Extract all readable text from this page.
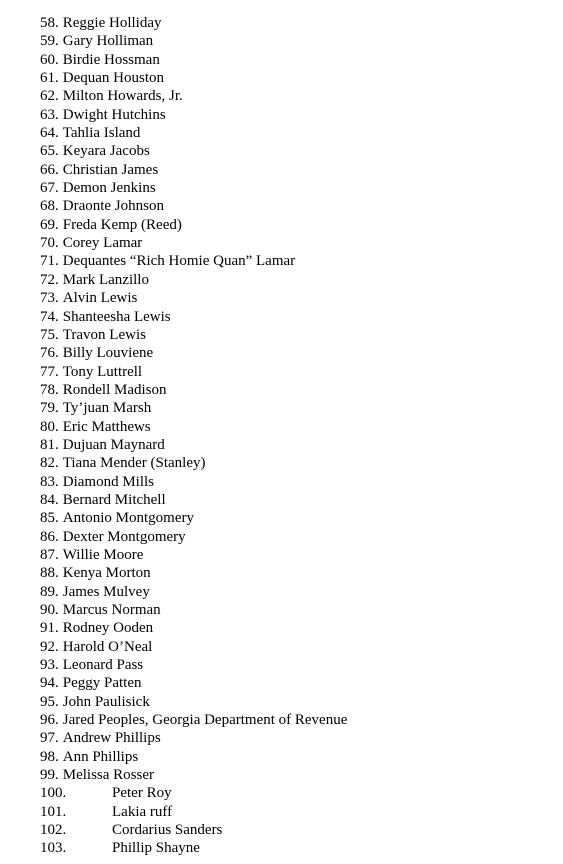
58. Reggie Holliday
59. Gary Holliman
60. Birdie Hossman
61. Dequan Houston
62. Milton Howards, Jr.
63. Dwight Hutchins
64. Tahlia Island
65. Keyara Jacobs
66. Christian James
67. Demon Jenkins
68. Draonte Johnson
69. Freda Kemp (Reed)
70. Corey Lamar
71. Dequantes “Rich Homie Quan” Lamar
72. Mark Lanzillo
73. Alvin Lewis
74. Shanteesha Lewis
75. Travon Lewis
76. Billy Louviene
77. Tony Luttrell
78. Rondell Madison
79. Ty’juan Marsh
80. Eric Matthews
81. Dujuan Maynard
82. Tiana Mender (Stanley)
83. Diamond Mills
84. Bernard Mitchell
85. Antonio Montgomery
86. Dexter Montgomery
87. Willie Moore
88. Kenya Morton
89. James Mulvey
90. Marcus Norman
91. Rodney Ooden
92. Harold O’Neal
93. Leonard Pass
94. Peggy Patten
95. John Paulisick
96. Jared Peoples, Georgia Department of Revenue
97. Andrew Phillips
98. Ann Phillips
99. Melissa Rosser
100.	Peter Roy
101.	Lakia ruff
102.	Cordarius Sanders
103.	Phillip Shayne
